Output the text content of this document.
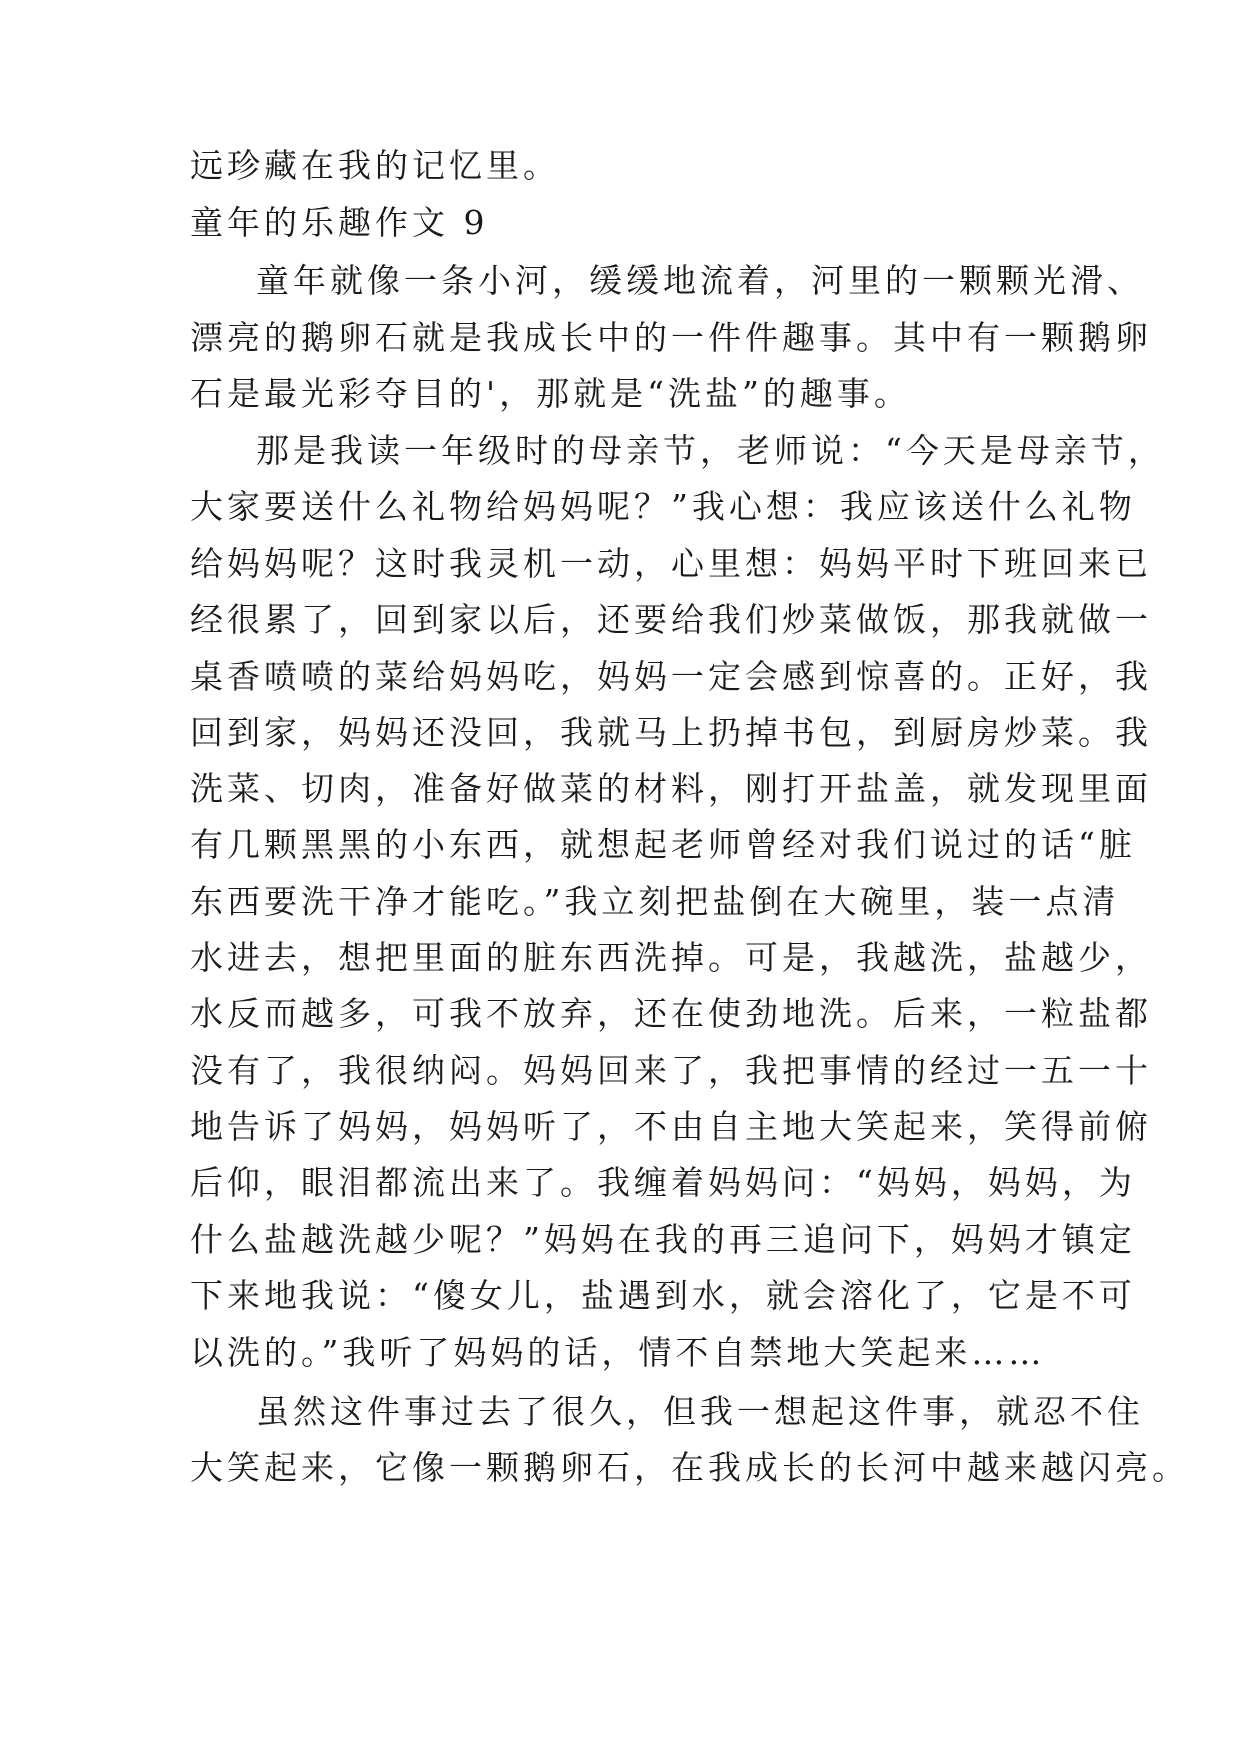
远珍藏在我的记忆里。

童年的乐趣作文 9

童年就像一条小河，缓缓地流着，河里的一颗颗光滑、

漂亮的鹅卵石就是我成长中的一件件趣事。其中有一颗鹅卵

石是最光彩夺目的'，那就是“洗盐”的趣事。

那是我读一年级时的母亲节，老师说：“今天是母亲节，

大家要送什么礼物给妈妈呢？”我心想：我应该送什么礼物

给妈妈呢？这时我灵机一动，心里想：妈妈平时下班回来已

经很累了，回到家以后，还要给我们炒菜做饭，那我就做一

桌香喷喷的菜给妈妈吃，妈妈一定会感到惊喜的。正好，我

回到家，妈妈还没回，我就马上扔掉书包，到厨房炒菜。我

洗菜、切肉，准备好做菜的材料，刚打开盐盖，就发现里面

有几颗黑黑的小东西，就想起老师曾经对我们说过的话“脏

东西要洗干净才能吃。”我立刻把盐倒在大碗里，装一点清

水进去，想把里面的脏东西洗掉。可是，我越洗，盐越少，

水反而越多，可我不放弃，还在使劲地洗。后来，一粒盐都

没有了，我很纳闷。妈妈回来了，我把事情的经过一五一十

地告诉了妈妈，妈妈听了，不由自主地大笑起来，笑得前俯

后仰，眼泪都流出来了。我缠着妈妈问：“妈妈，妈妈，为

什么盐越洗越少呢？”妈妈在我的再三追问下，妈妈才镇定

下来地我说：“傻女儿，盐遇到水，就会溶化了，它是不可

以洗的。”我听了妈妈的话，情不自禁地大笑起来……

虽然这件事过去了很久，但我一想起这件事，就忍不住

大笑起来，它像一颗鹅卵石，在我成长的长河中越来越闪亮。
